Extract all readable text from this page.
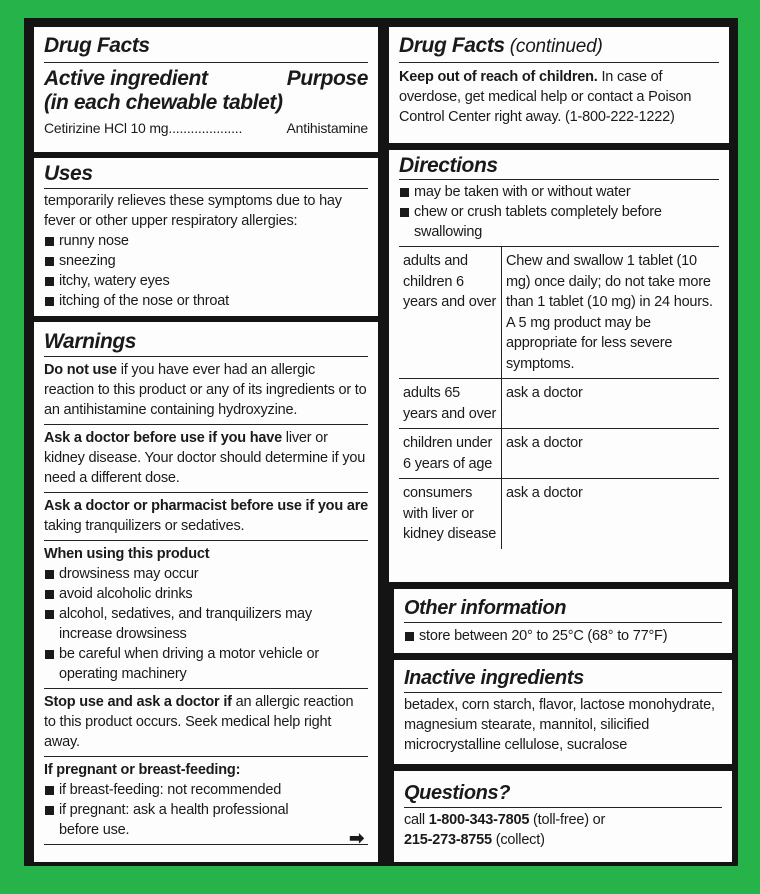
Drug Facts
Active ingredient	Purpose
(in each chewable tablet)
Cetirizine HCl 10 mg ....................	Antihistamine
Uses
temporarily relieves these symptoms due to hay fever or other upper respiratory allergies:
runny nose
sneezing
itchy, watery eyes
itching of the nose or throat
Warnings
Do not use if you have ever had an allergic reaction to this product or any of its ingredients or to an antihistamine containing hydroxyzine.
Ask a doctor before use if you have liver or kidney disease. Your doctor should determine if you need a different dose.
Ask a doctor or pharmacist before use if you are taking tranquilizers or sedatives.
When using this product
drowsiness may occur
avoid alcoholic drinks
alcohol, sedatives, and tranquilizers may increase drowsiness
be careful when driving a motor vehicle or operating machinery
Stop use and ask a doctor if an allergic reaction to this product occurs. Seek medical help right away.
If pregnant or breast-feeding:
if breast-feeding: not recommended
if pregnant: ask a health professional before use.	➡
Drug Facts (continued)
Keep out of reach of children. In case of overdose, get medical help or contact a Poison Control Center right away. (1-800-222-1222)
Directions
may be taken with or without water
chew or crush tablets completely before swallowing
adults and children 6 years and over	Chew and swallow 1 tablet (10 mg) once daily; do not take more than 1 tablet (10 mg) in 24 hours. A 5 mg product may be appropriate for less severe symptoms.
adults 65 years and over	ask a doctor
children under 6 years of age	ask a doctor
consumers with liver or kidney disease	ask a doctor
Other information
store between 20° to 25°C (68° to 77°F)
Inactive ingredients
betadex, corn starch, flavor, lactose monohydrate, magnesium stearate, mannitol, silicified microcrystalline cellulose, sucralose
Questions?
call 1-800-343-7805 (toll-free) or
215-273-8755 (collect)
